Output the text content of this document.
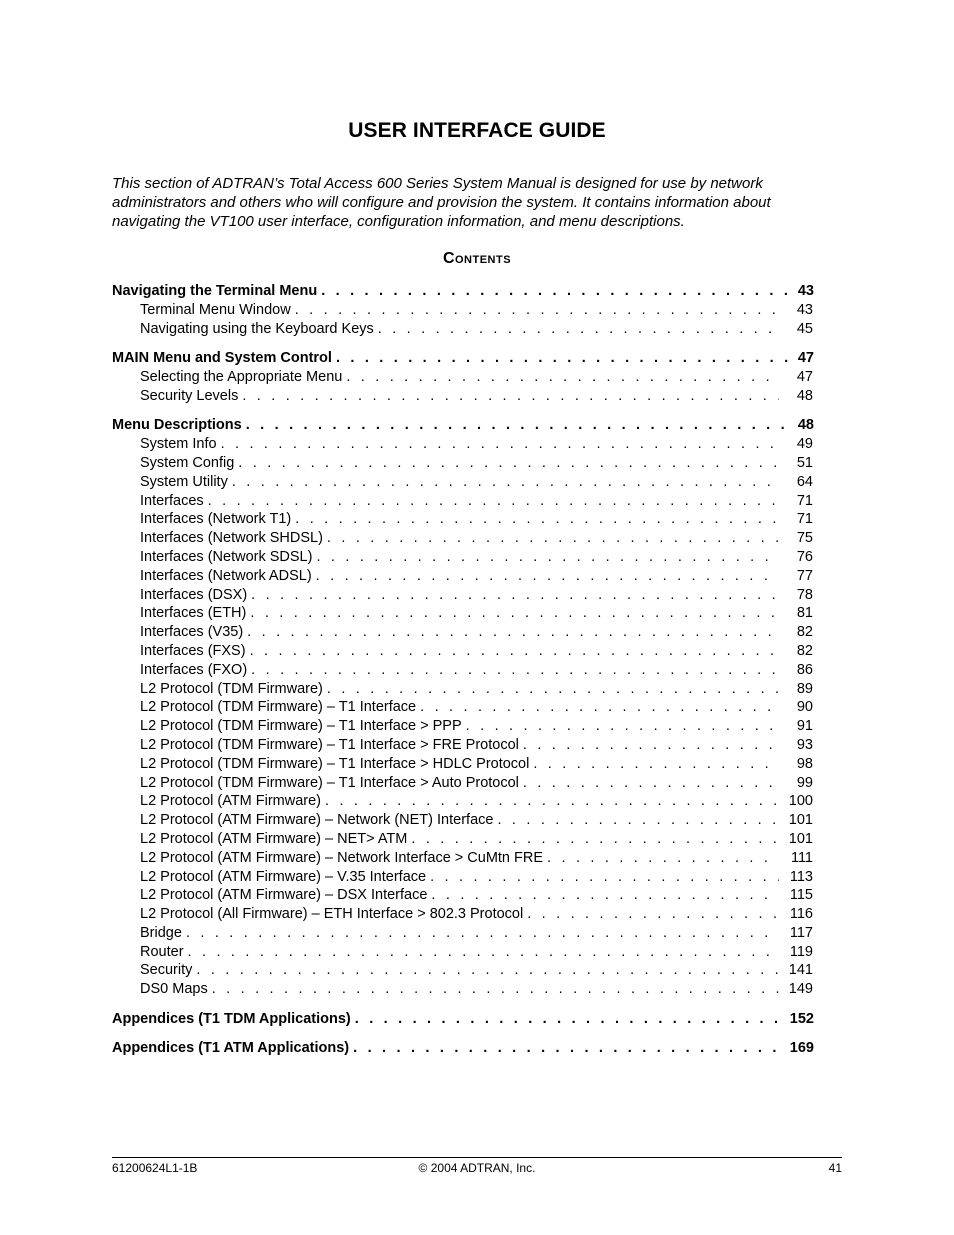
USER INTERFACE GUIDE
This section of ADTRAN’s Total Access 600 Series System Manual is designed for use by network administrators and others who will configure and provision the system. It contains information about navigating the VT100 user interface, configuration information, and menu descriptions.
Contents
Navigating the Terminal Menu . . .	43
Terminal Menu Window . . .	43
Navigating using the Keyboard Keys . . .	45
MAIN Menu and System Control . . .	47
Selecting the Appropriate Menu . . .	47
Security Levels . . .	48
Menu Descriptions . . .	48
System Info . . .	49
System Config . . .	51
System Utility . . .	64
Interfaces . . .	71
Interfaces (Network T1) . . .	71
Interfaces (Network SHDSL) . . .	75
Interfaces (Network SDSL) . . .	76
Interfaces (Network ADSL) . . .	77
Interfaces (DSX) . . .	78
Interfaces (ETH) . . .	81
Interfaces (V35) . . .	82
Interfaces (FXS) . . .	82
Interfaces (FXO) . . .	86
L2 Protocol (TDM Firmware) . . .	89
L2 Protocol (TDM Firmware) – T1 Interface . . .	90
L2 Protocol (TDM Firmware) – T1 Interface > PPP . . .	91
L2 Protocol (TDM Firmware) – T1 Interface > FRE Protocol . . .	93
L2 Protocol (TDM Firmware) – T1 Interface > HDLC Protocol . . .	98
L2 Protocol (TDM Firmware) – T1 Interface > Auto Protocol . . .	99
L2 Protocol (ATM Firmware) . . .	100
L2 Protocol (ATM Firmware) – Network (NET) Interface . . .	101
L2 Protocol (ATM Firmware) – NET> ATM . . .	101
L2 Protocol (ATM Firmware) – Network Interface > CuMtn FRE . . .	111
L2 Protocol (ATM Firmware) – V.35 Interface . . .	113
L2 Protocol (ATM Firmware) – DSX Interface . . .	115
L2 Protocol (All Firmware) – ETH Interface > 802.3 Protocol . . .	116
Bridge . . .	117
Router . . .	119
Security . . .	141
DS0 Maps . . .	149
Appendices (T1 TDM Applications) . . .	152
Appendices (T1 ATM Applications) . . .	169
61200624L1-1B	© 2004 ADTRAN, Inc.	41
